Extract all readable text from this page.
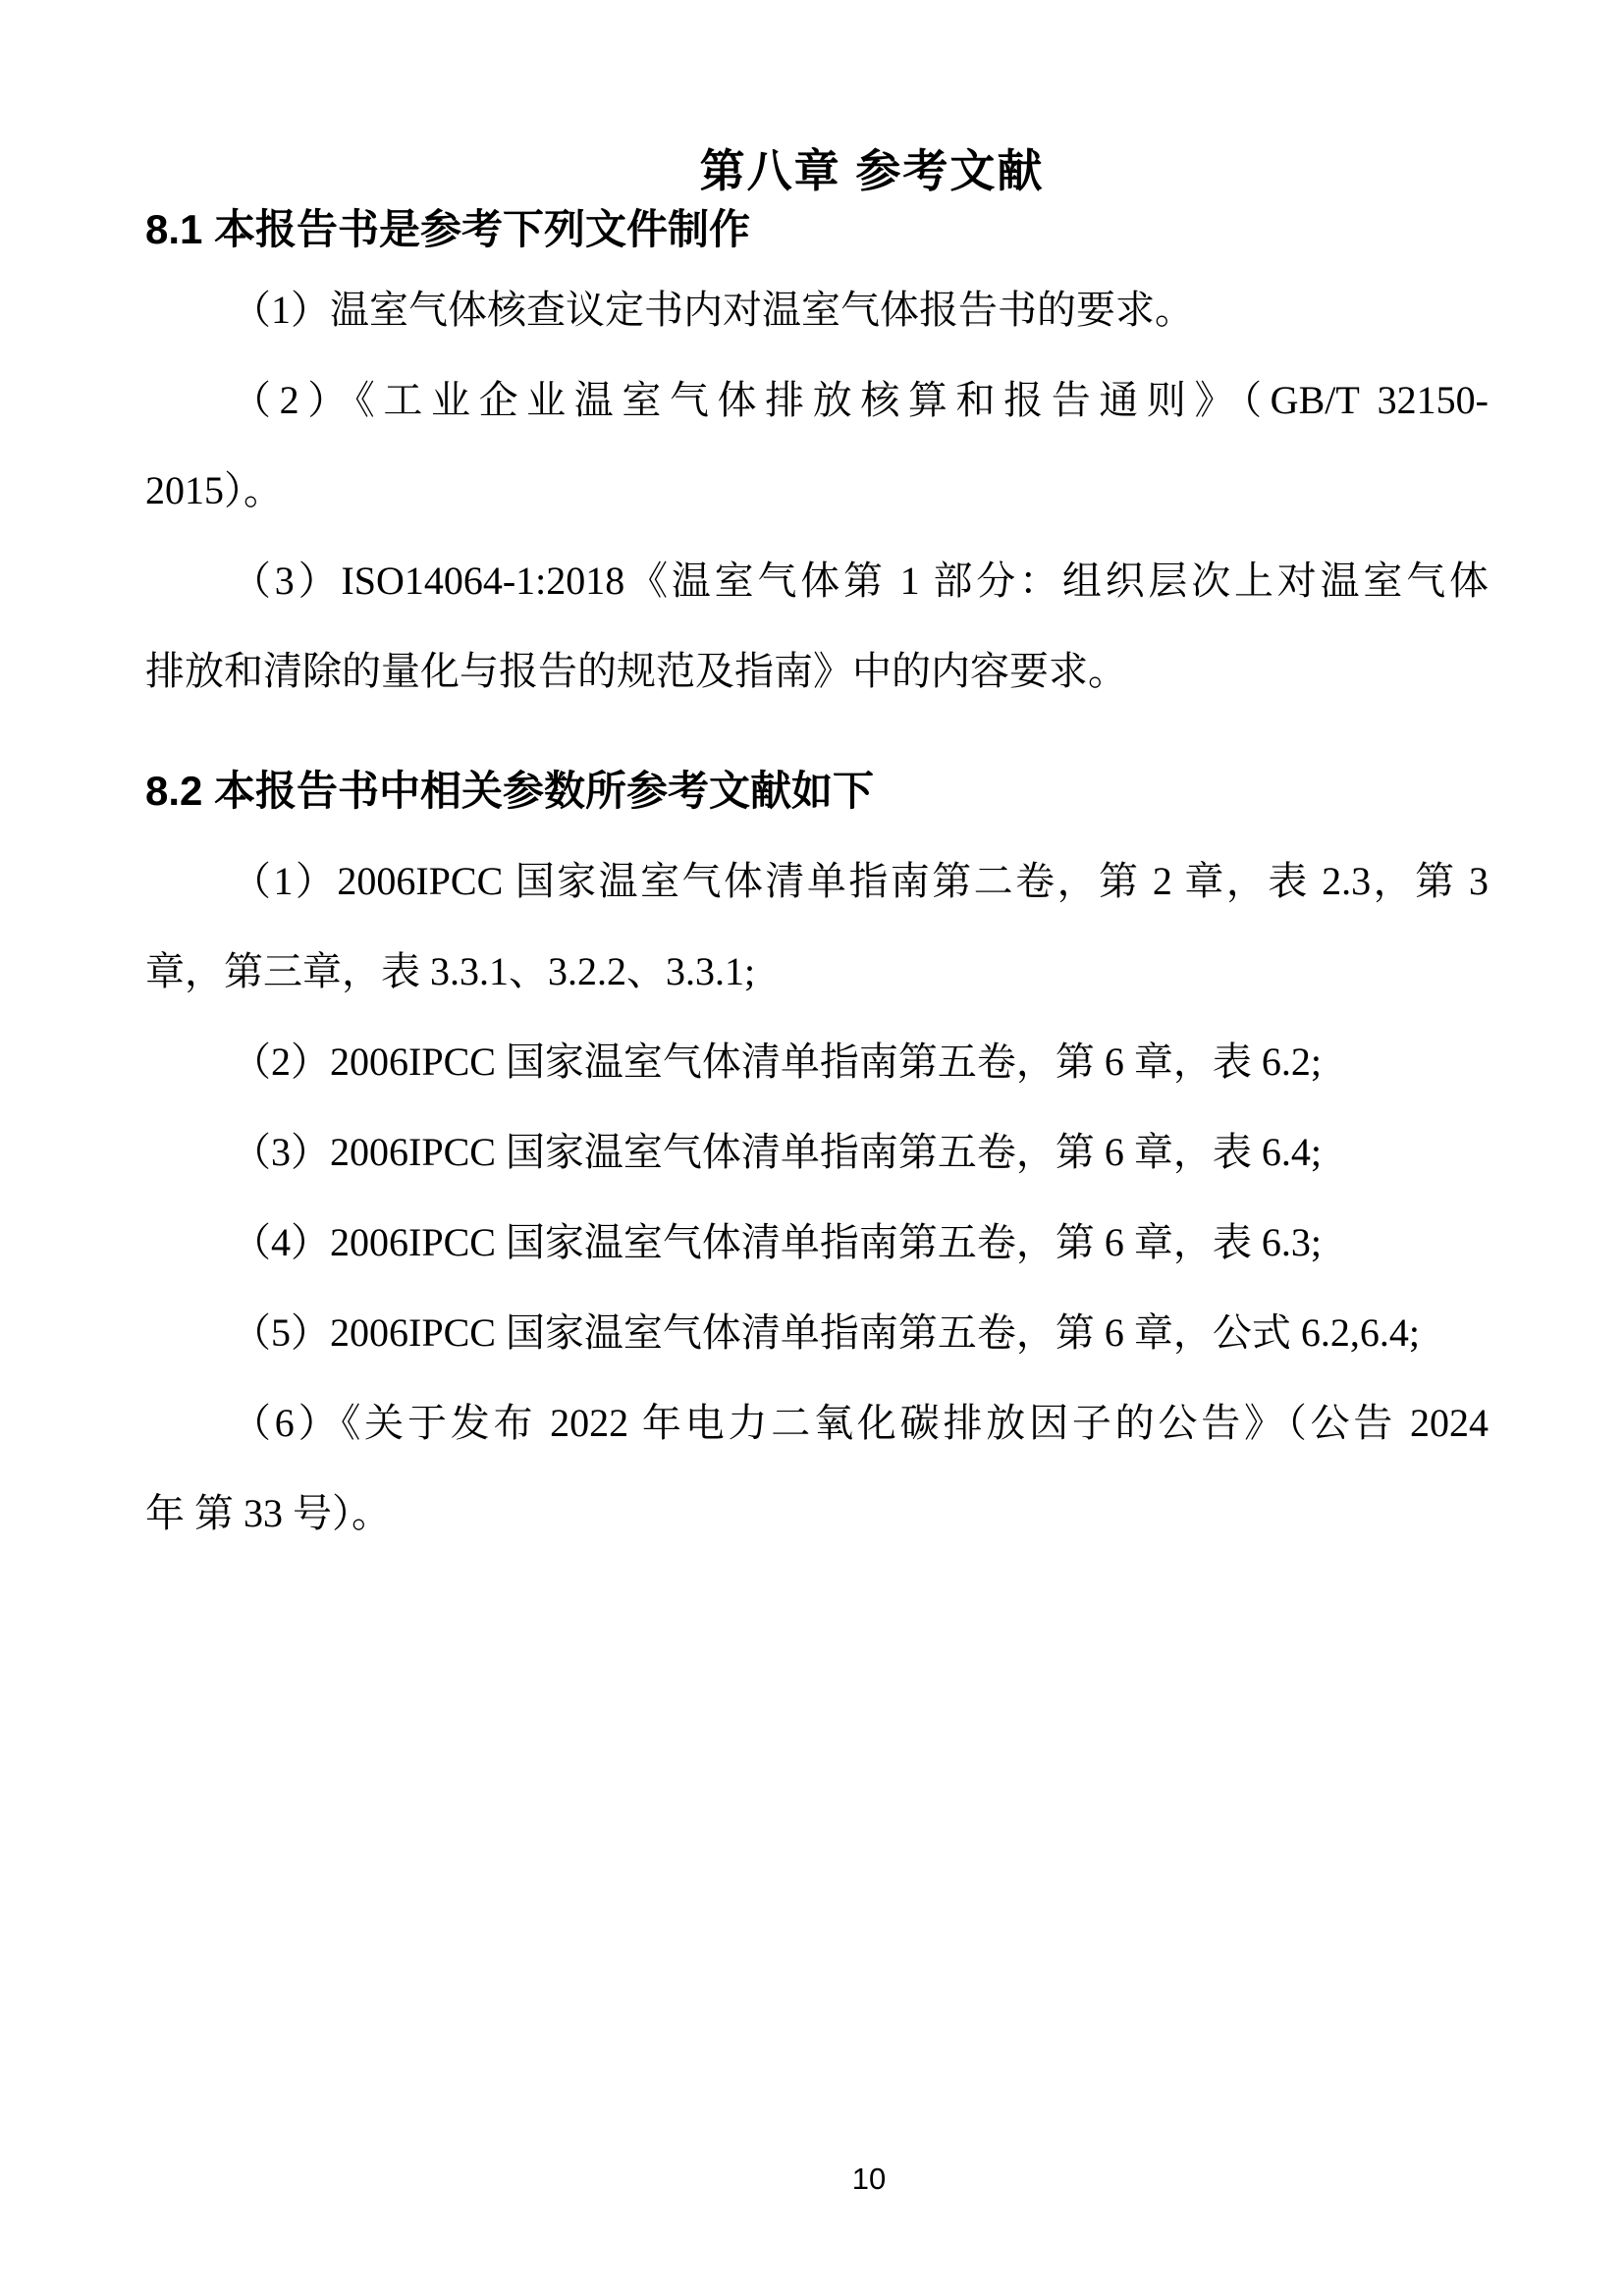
第八章 参考文献
8.1 本报告书是参考下列文件制作
（1）温室气体核查议定书内对温室气体报告书的要求。
（2）《工业企业温室气体排放核算和报告通则》（GB/T 32150-
2015）。
（3）ISO14064-1:2018《温室气体第 1 部分：组织层次上对温室气体
排放和清除的量化与报告的规范及指南》中的内容要求。
8.2 本报告书中相关参数所参考文献如下
（1）2006IPCC 国家温室气体清单指南第二卷，第 2 章，表 2.3，第 3
章，第三章，表 3.3.1、3.2.2、3.3.1;
（2）2006IPCC 国家温室气体清单指南第五卷，第 6 章，表 6.2;
（3）2006IPCC 国家温室气体清单指南第五卷，第 6 章，表 6.4;
（4）2006IPCC 国家温室气体清单指南第五卷，第 6 章，表 6.3;
（5）2006IPCC 国家温室气体清单指南第五卷，第 6 章，公式 6.2,6.4;
（6）《关于发布 2022 年电力二氧化碳排放因子的公告》（公告 2024
年 第 33 号）。
10
